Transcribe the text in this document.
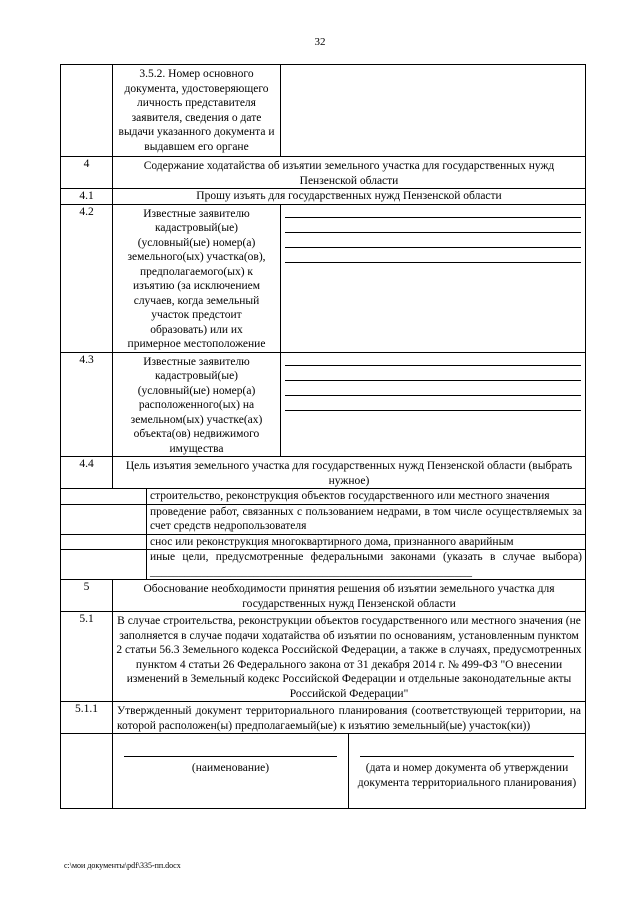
32
	3.5.2. Номер основного документа, удостоверяющего личность представителя заявителя, сведения о дате выдачи указанного документа и выдавшем его органе			
4	Содержание ходатайства об изъятии земельного участка для государственных нужд Пензенской области			
4.1	Прошу изъять для государственных нужд Пензенской области			
4.2	Известные заявителю кадастровый(ые) (условный(ые) номер(а) земельного(ых) участка(ов), предполагаемого(ых) к изъятию (за исключением случаев, когда земельный участок предстоит образовать) или их примерное местоположение			

4.3	Известные заявителю кадастровый(ые) (условный(ые) номер(а) расположенного(ых) на земельном(ых) участке(ах) объекта(ов) недвижимого имущества			

4.4	Цель изъятия земельного участка для государственных нужд Пензенской области (выбрать нужное)			
		строительство, реконструкция объектов государственного или местного значения		
		проведение работ, связанных с пользованием недрами, в том числе осуществляемых за счет средств недропользователя		
		снос или реконструкция многоквартирного дома, признанного аварийным		
		иные цели, предусмотренные федеральными законами (указать в случае выбора) ________________________________________________________		
5	Обоснование необходимости принятия решения об изъятии земельного участка для государственных нужд Пензенской области			
5.1	В случае строительства, реконструкции объектов государственного или местного значения (не заполняется в случае подачи ходатайства об изъятии по основаниям, установленным пунктом 2 статьи 56.3 Земельного кодекса Российской Федерации, а также в случаях, предусмотренных пунктом 4 статьи 26 Федерального закона от 31 декабря 2014 г. № 499-ФЗ "О внесении изменений в Земельный кодекс Российской Федерации и отдельные законодательные акты Российской Федерации"			
5.1.1	Утвержденный документ территориального планирования (соответствующей территории, на которой расположен(ы) предполагаемый(ые) к изъятию земельный(ые) участок(ки))			

	(наименование)			(дата и номер документа об утверждении документа территориального планирования)
c:\мои документы\pdf\335-пп.docx
